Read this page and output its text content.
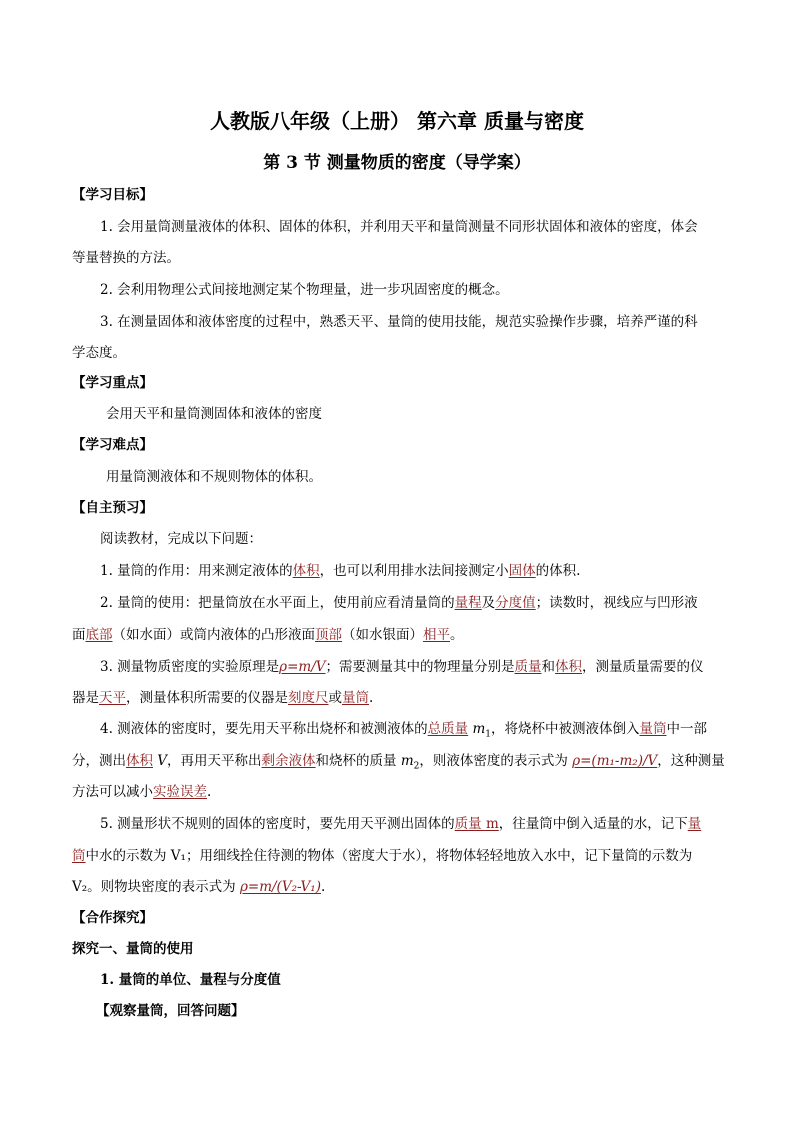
人教版八年级（上册） 第六章 质量与密度
第 3 节 测量物质的密度（导学案）
【学习目标】
1. 会用量筒测量液体的体积、固体的体积，并利用天平和量筒测量不同形状固体和液体的密度，体会
等量替换的方法。
2. 会利用物理公式间接地测定某个物理量，进一步巩固密度的概念。
3. 在测量固体和液体密度的过程中，熟悉天平、量筒的使用技能，规范实验操作步骤，培养严谨的科
学态度。
【学习重点】
会用天平和量筒测固体和液体的密度
【学习难点】
用量筒测液体和不规则物体的体积。
【自主预习】
阅读教材，完成以下问题：
1. 量筒的作用：用来测定液体的体积，也可以利用排水法间接测定小固体的体积.
2. 量筒的使用：把量筒放在水平面上，使用前应看清量筒的量程及分度值；读数时，视线应与凹形液
面底部（如水面）或筒内液体的凸形液面顶部（如水银面）相平。
3. 测量物质密度的实验原理是ρ=m/V；需要测量其中的物理量分别是质量和体积，测量质量需要的仪
器是天平，测量体积所需要的仪器是刻度尺或量筒.
4. 测液体的密度时，要先用天平称出烧杯和被测液体的总质量 $m_1$，将烧杯中被测液体倒入量筒中一部
分，测出体积 V，再用天平称出剩余液体和烧杯的质量 $m_2$，则液体密度的表示式为 ρ=(m₁-m₂)/V，这种测量
方法可以减小实验误差.
5. 测量形状不规则的固体的密度时，要先用天平测出固体的质量 m，往量筒中倒入适量的水，记下量
筒中水的示数为 V₁；用细线拴住待测的物体（密度大于水），将物体轻轻地放入水中，记下量筒的示数为
V₂。则物块密度的表示式为 ρ=m/(V₂-V₁).
【合作探究】
探究一、量筒的使用
1. 量筒的单位、量程与分度值
【观察量筒，回答问题】
